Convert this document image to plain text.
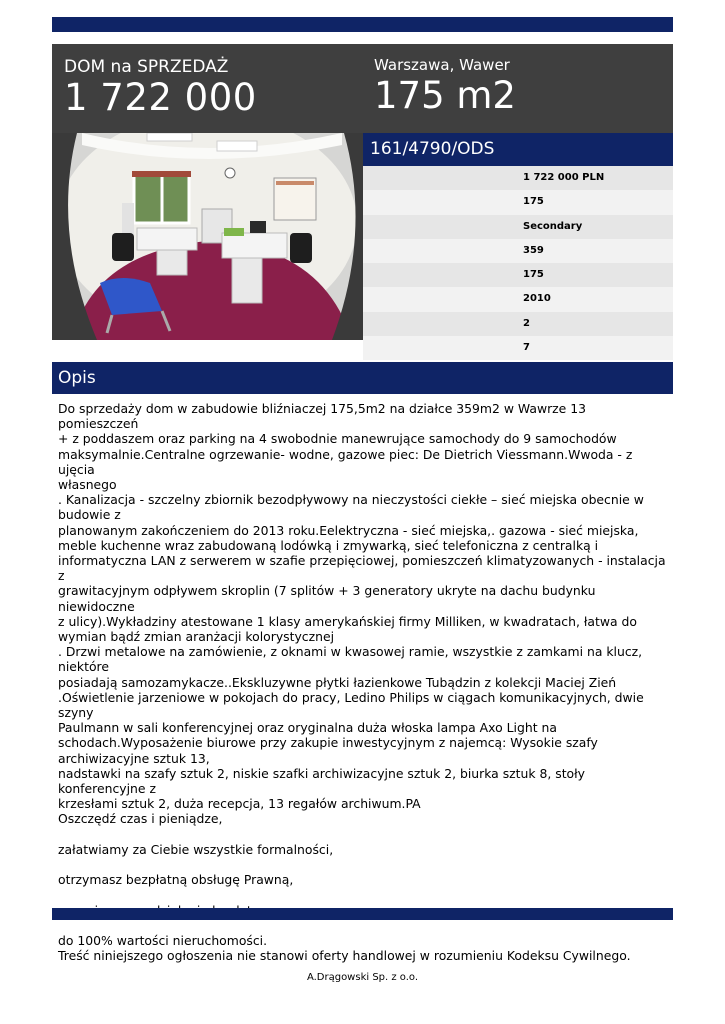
DOM na SPRZEDAŻ
1 722 000
Warszawa, Wawer
175 m2
161/4790/ODS
1 722 000 PLN
175
Secondary
359
175
2010
2
7
Opis

Do sprzedaży dom w zabudowie bliźniaczej 175,5m2 na działce 359m2 w Wawrze 13 pomieszczeń
+ z poddaszem oraz parking na 4 swobodnie manewrujące samochody do 9 samochodów
maksymalnie.Centralne ogrzewanie- wodne, gazowe piec: De Dietrich Viessmann.Wwoda - z ujęcia
własnego
. Kanalizacja - szczelny zbiornik bezodpływowy na nieczystości ciekłe – sieć miejska obecnie w
budowie z
planowanym zakończeniem do 2013 roku.Eelektryczna - sieć miejska,. gazowa - sieć miejska,
meble kuchenne wraz zabudowaną lodówką i zmywarką, sieć telefoniczna z centralką i
informatyczna LAN z serwerem w szafie przepięciowej, pomieszczeń klimatyzowanych - instalacja z
grawitacyjnym odpływem skroplin (7 splitów + 3 generatory ukryte na dachu budynku niewidoczne
z ulicy).Wykładziny atestowane 1 klasy amerykańskiej firmy Milliken, w kwadratach, łatwa do
wymian bądź zmian aranżacji kolorystycznej
. Drzwi metalowe na zamówienie, z oknami w kwasowej ramie, wszystkie z zamkami na klucz,
niektóre
posiadają samozamykacze..Ekskluzywne płytki łazienkowe Tubądzin z kolekcji Maciej Zień
.Oświetlenie jarzeniowe w pokojach do pracy, Ledino Philips w ciągach komunikacyjnych, dwie
szyny
Paulmann w sali konferencyjnej oraz oryginalna duża włoska lampa Axo Light na
schodach.Wyposażenie biurowe przy zakupie inwestycyjnym z najemcą: Wysokie szafy
archiwizacyjne sztuk 13,
nadstawki na szafy sztuk 2, niskie szafki archiwizacyjne sztuk 2, biurka sztuk 8, stoły
konferencyjne z
krzesłami sztuk 2, duża recepcja, 13 regałów archiwum.PA
Oszczędź czas i pieniądze,

załatwiamy za Ciebie wszystkie formalności,

otrzymasz bezpłatną obsługę Prawną,

do 100% wartości nieruchomości.
Treść niniejszego ogłoszenia nie stanowi oferty handlowej w rozumieniu Kodeksu Cywilnego.

A.Drągowski Sp. z o.o.
